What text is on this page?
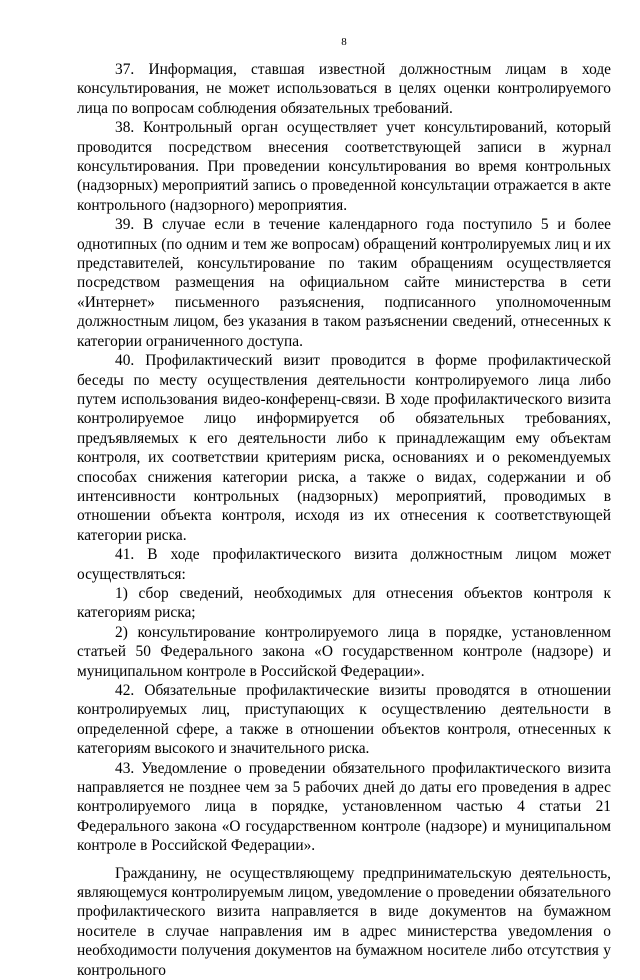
8

37. Информация, ставшая известной должностным лицам в ходе консультирования, не может использоваться в целях оценки контролируемого лица по вопросам соблюдения обязательных требований.

38. Контрольный орган осуществляет учет консультирований, который проводится посредством внесения соответствующей записи в журнал консультирования. При проведении консультирования во время контрольных (надзорных) мероприятий запись о проведенной консультации отражается в акте контрольного (надзорного) мероприятия.

39. В случае если в течение календарного года поступило 5 и более однотипных (по одним и тем же вопросам) обращений контролируемых лиц и их представителей, консультирование по таким обращениям осуществляется посредством размещения на официальном сайте министерства в сети «Интернет» письменного разъяснения, подписанного уполномоченным должностным лицом, без указания в таком разъяснении сведений, отнесенных к категории ограниченного доступа.

40. Профилактический визит проводится в форме профилактической беседы по месту осуществления деятельности контролируемого лица либо путем использования видео-конференц-связи. В ходе профилактического визита контролируемое лицо информируется об обязательных требованиях, предъявляемых к его деятельности либо к принадлежащим ему объектам контроля, их соответствии критериям риска, основаниях и о рекомендуемых способах снижения категории риска, а также о видах, содержании и об интенсивности контрольных (надзорных) мероприятий, проводимых в отношении объекта контроля, исходя из их отнесения к соответствующей категории риска.

41. В ходе профилактического визита должностным лицом может осуществляться:

1) сбор сведений, необходимых для отнесения объектов контроля к категориям риска;

2) консультирование контролируемого лица в порядке, установленном статьей 50 Федерального закона «О государственном контроле (надзоре) и муниципальном контроле в Российской Федерации».

42. Обязательные профилактические визиты проводятся в отношении контролируемых лиц, приступающих к осуществлению деятельности в определенной сфере, а также в отношении объектов контроля, отнесенных к категориям высокого и значительного риска.

43. Уведомление о проведении обязательного профилактического визита направляется не позднее чем за 5 рабочих дней до даты его проведения в адрес контролируемого лица в порядке, установленном частью 4 статьи 21 Федерального закона «О государственном контроле (надзоре) и муниципальном контроле в Российской Федерации».

Гражданину, не осуществляющему предпринимательскую деятельность, являющемуся контролируемым лицом, уведомление о проведении обязательного профилактического визита направляется в виде документов на бумажном носителе в случае направления им в адрес министерства уведомления о необходимости получения документов на бумажном носителе либо отсутствия у контрольного
